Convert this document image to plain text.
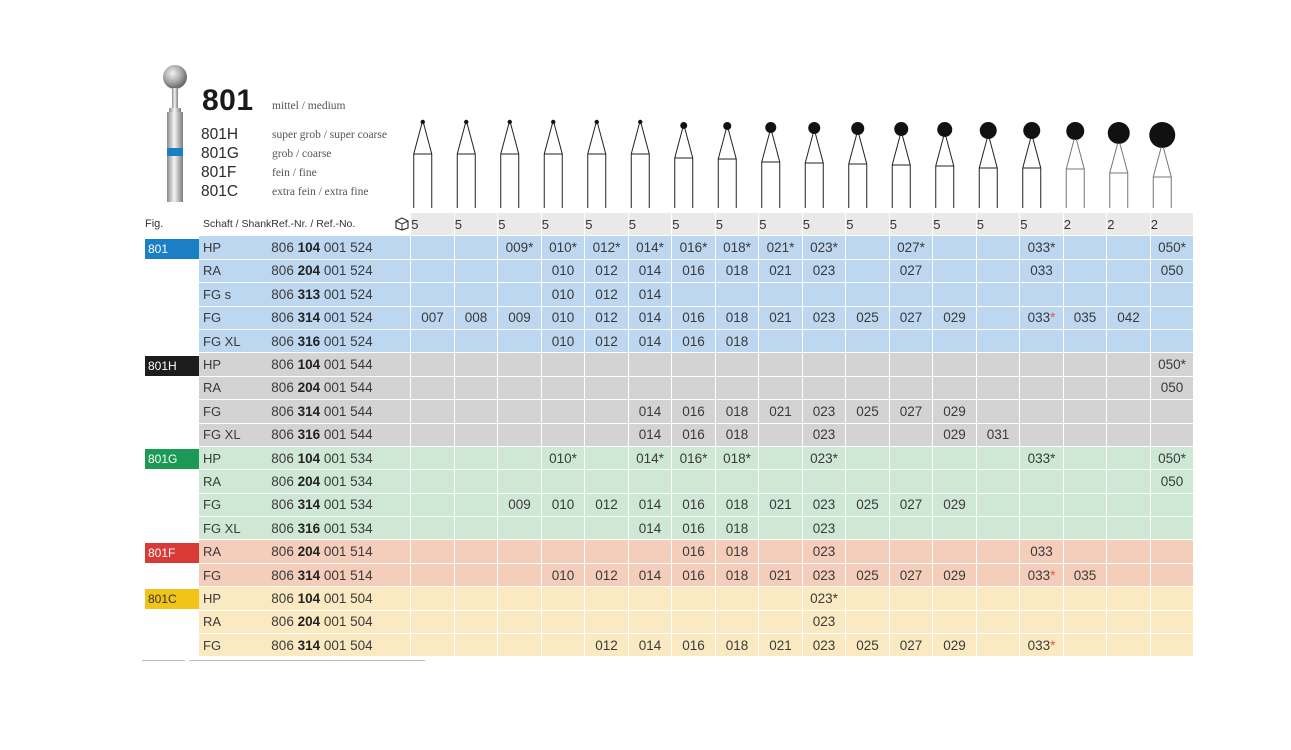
801 mittel / medium
801H	super grob / super coarse
801G	grob / coarse
801F	fein / fine
801C	extra fein / extra fine
Fig.	Schaft / Shank	Ref.-Nr. / Ref.-No.	5	5	5	5	5	5	5	5	5	5	5	5	5	5	5	2	2	2

801	HP	806 104 001 524			009*	010*	012*	014*	016*	018*	021*	023*		027*			033*			050*
	RA	806 204 001 524				010	012	014	016	018	021	023		027			033			050
	FG s	806 313 001 524				010	012	014												
	FG	806 314 001 524	007	008	009	010	012	014	016	018	021	023	025	027	029		033*	035	042	
	FG XL	806 316 001 524				010	012	014	016	018										

801H	HP	806 104 001 544																		050*
	RA	806 204 001 544																		050
	FG	806 314 001 544						014	016	018	021	023	025	027	029					
	FG XL	806 316 001 544						014	016	018		023			029	031				

801G	HP	806 104 001 534				010*		014*	016*	018*		023*					033*			050*
	RA	806 204 001 534																		050
	FG	806 314 001 534			009	010	012	014	016	018	021	023	025	027	029					
	FG XL	806 316 001 534						014	016	018		023								

801F	RA	806 204 001 514							016	018		023					033			
	FG	806 314 001 514				010	012	014	016	018	021	023	025	027	029		033*	035		

801C	HP	806 104 001 504										023*								
	RA	806 204 001 504										023								
	FG	806 314 001 504					012	014	016	018	021	023	025	027	029		033*			
